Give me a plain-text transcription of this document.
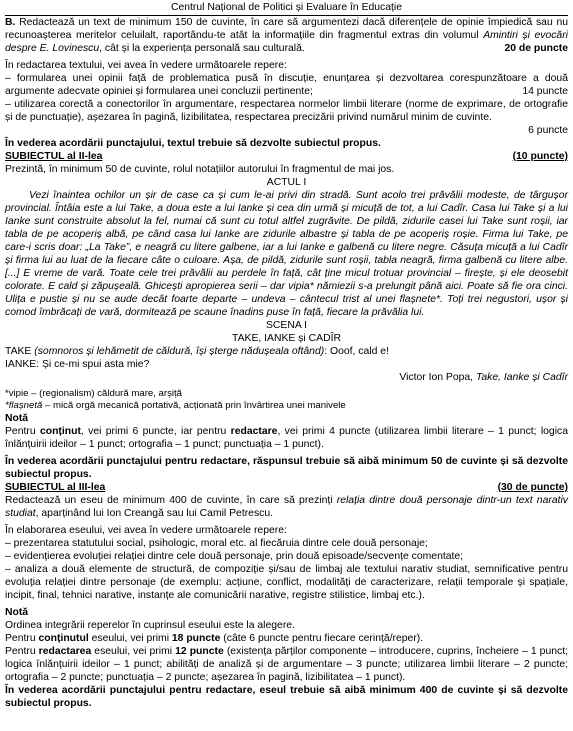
Centrul Național de Politici și Evaluare în Educație

B. Redactează un text de minimum 150 de cuvinte, în care să argumentezi dacă diferențele de opinie împiedică sau nu recunoașterea meritelor celuilalt, raportându-te atât la informațiile din fragmentul extras din volumul Amintiri și evocări despre E. Lovinescu, cât și la experiența personală sau culturală.	20 de puncte

În redactarea textului, vei avea în vedere următoarele repere:

– formularea unei opinii față de problematica pusă în discuție, enunțarea și dezvoltarea corespunzătoare a două argumente adecvate opiniei și formularea unei concluzii pertinente;	14 puncte

– utilizarea corectă a conectorilor în argumentare, respectarea normelor limbii literare (norme de exprimare, de ortografie și de punctuație), așezarea în pagină, lizibilitatea, respectarea precizării privind numărul minim de cuvinte.

6 puncte

În vederea acordării punctajului, textul trebuie să dezvolte subiectul propus.

SUBIECTUL al II-lea	(10 puncte)

Prezintă, în minimum 50 de cuvinte, rolul notațiilor autorului în fragmentul de mai jos.

ACTUL I

Vezi înaintea ochilor un șir de case ca și cum le-ai privi din stradă. Sunt acolo trei prăvălii modeste, de târgușor provincial. Întâia este a lui Take, a doua este a lui Ianke și cea din urmă și micuță de tot, a lui Cadîr. Casa lui Take și a lui Ianke sunt construite absolut la fel, numai că sunt cu totul altfel zugrăvite. De pildă, zidurile casei lui Take sunt roșii, iar tabla de pe acoperiș albă, pe când casa lui Ianke are zidurile albastre și tabla de pe acoperiș roșie. Firma lui Take, pe care-i scris doar: „La Take”, e neagră cu litere galbene, iar a lui Ianke e galbenă cu litere negre. Căsuța micuță a lui Cadîr și firma lui au luat de la fiecare câte o culoare. Așa, de pildă, zidurile sunt roșii, tabla neagră, firma galbenă cu litere albe. [...] E vreme de vară. Toate cele trei prăvălii au perdele în față, cât ține micul trotuar provincial – firește, și ele deosebit colorate. E cald și zăpușeală. Ghicești apropierea serii – dar vipia* nămiezii s-a prelungit până aici. Poate să fie ora cinci. Ulița e pustie și nu se aude decât foarte departe – undeva – cântecul trist al unei flașnete*. Toți trei negustori, ușor și comod îmbrăcați de vară, dormitează pe scaune înadins puse în față, fiecare la prăvălia lui.

SCENA I

TAKE, IANKE și CADÎR

TAKE (somnoros și lehămetit de căldură, își șterge nădușeala oftând): Ooof, cald e!

IANKE: Și ce-mi spui asta mie?

Victor Ion Popa, Take, Ianke și Cadîr

*vipie – (regionalism) căldură mare, arșiță

*flașnetă – mică orgă mecanică portativă, acționată prin învârtirea unei manivele

Notă

Pentru conținut, vei primi 6 puncte, iar pentru redactare, vei primi 4 puncte (utilizarea limbii literare – 1 punct; logica înlănțuirii ideilor – 1 punct; ortografia – 1 punct; punctuația – 1 punct).

În vederea acordării punctajului pentru redactare, răspunsul trebuie să aibă minimum 50 de cuvinte și să dezvolte subiectul propus.

SUBIECTUL al III-lea	(30 de puncte)

Redactează un eseu de minimum 400 de cuvinte, în care să prezinți relația dintre două personaje dintr-un text narativ studiat, aparținând lui Ion Creangă sau lui Camil Petrescu.

În elaborarea eseului, vei avea în vedere următoarele repere:

– prezentarea statutului social, psihologic, moral etc. al fiecăruia dintre cele două personaje;

– evidențierea evoluției relației dintre cele două personaje, prin două episoade/secvențe comentate;

– analiza a două elemente de structură, de compoziție și/sau de limbaj ale textului narativ studiat, semnificative pentru evoluția relației dintre personaje (de exemplu: acțiune, conflict, modalități de caracterizare, relații temporale și spațiale, incipit, final, tehnici narative, instanțe ale comunicării narative, registre stilistice, limbaj etc.).

Notă

Ordinea integrării reperelor în cuprinsul eseului este la alegere.

Pentru conținutul eseului, vei primi 18 puncte (câte 6 puncte pentru fiecare cerință/reper).

Pentru redactarea eseului, vei primi 12 puncte (existența părților componente – introducere, cuprins, încheiere – 1 punct; logica înlănțuirii ideilor – 1 punct; abilități de analiză și de argumentare – 3 puncte; utilizarea limbii literare – 2 puncte; ortografia – 2 puncte; punctuația – 2 puncte; așezarea în pagină, lizibilitatea – 1 punct).

În vederea acordării punctajului pentru redactare, eseul trebuie să aibă minimum 400 de cuvinte și să dezvolte subiectul propus.
